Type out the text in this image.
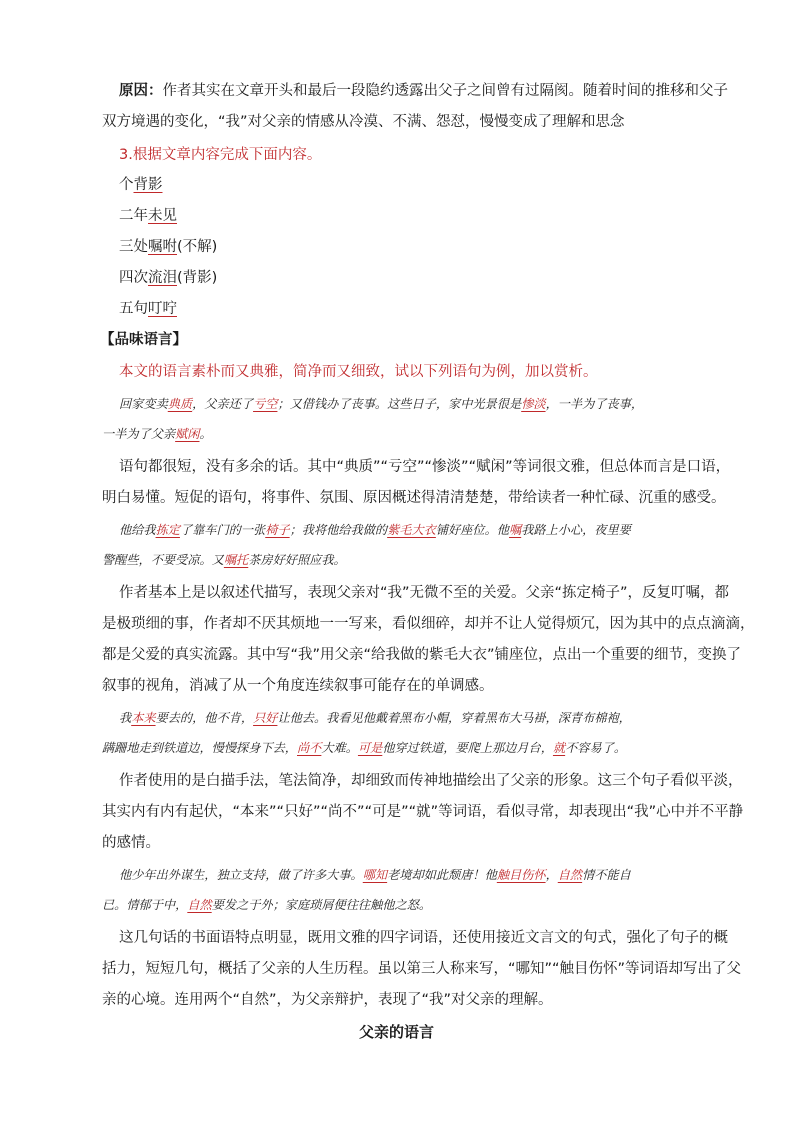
原因：作者其实在文章开头和最后一段隐约透露出父子之间曾有过隔阂。随着时间的推移和父子
双方境遇的变化，“我”对父亲的情感从冷漠、不满、怨怼，慢慢变成了理解和思念
3.根据文章内容完成下面内容。
个背影
二年未见
三处嘱咐(不解)
四次流泪(背影)
五句叮咛
【品味语言】
本文的语言素朴而又典雅，简净而又细致，试以下列语句为例，加以赏析。
回家变卖典质，父亲还了亏空；又借钱办了丧事。这些日子，家中光景很是惨淡，一半为了丧事，
一半为了父亲赋闲。
语句都很短，没有多余的话。其中“典质”“亏空”“惨淡”“赋闲”等词很文雅，但总体而言是口语，
明白易懂。短促的语句，将事件、氛围、原因概述得清清楚楚，带给读者一种忙碌、沉重的感受。
他给我拣定了靠车门的一张椅子；我将他给我做的紫毛大衣铺好座位。他嘱我路上小心，夜里要
警醒些，不要受凉。又嘱托茶房好好照应我。
作者基本上是以叙述代描写，表现父亲对“我”无微不至的关爱。父亲“拣定椅子”，反复叮嘱，都
是极琐细的事，作者却不厌其烦地一一写来，看似细碎，却并不让人觉得烦冗，因为其中的点点滴滴，
都是父爱的真实流露。其中写“我”用父亲“给我做的紫毛大衣”铺座位，点出一个重要的细节，变换了
叙事的视角，消减了从一个角度连续叙事可能存在的单调感。
我本来要去的，他不肯，只好让他去。我看见他戴着黑布小帽，穿着黑布大马褂，深青布棉袍，
蹒跚地走到铁道边，慢慢探身下去，尚不大难。可是他穿过铁道，要爬上那边月台，就不容易了。
作者使用的是白描手法，笔法简净，却细致而传神地描绘出了父亲的形象。这三个句子看似平淡，
其实内有内有起伏，“本来”“只好”“尚不”“可是”“就”等词语，看似寻常，却表现出“我”心中并不平静
的感情。
他少年出外谋生，独立支持，做了许多大事。哪知老境却如此颓唐！他触目伤怀，自然情不能自
已。情郁于中，自然要发之于外；家庭琐屑便往往触他之怒。
这几句话的书面语特点明显，既用文雅的四字词语，还使用接近文言文的句式，强化了句子的概
括力，短短几句，概括了父亲的人生历程。虽以第三人称来写，“哪知”“触目伤怀”等词语却写出了父
亲的心境。连用两个“自然”，为父亲辩护，表现了“我”对父亲的理解。
父亲的语言
